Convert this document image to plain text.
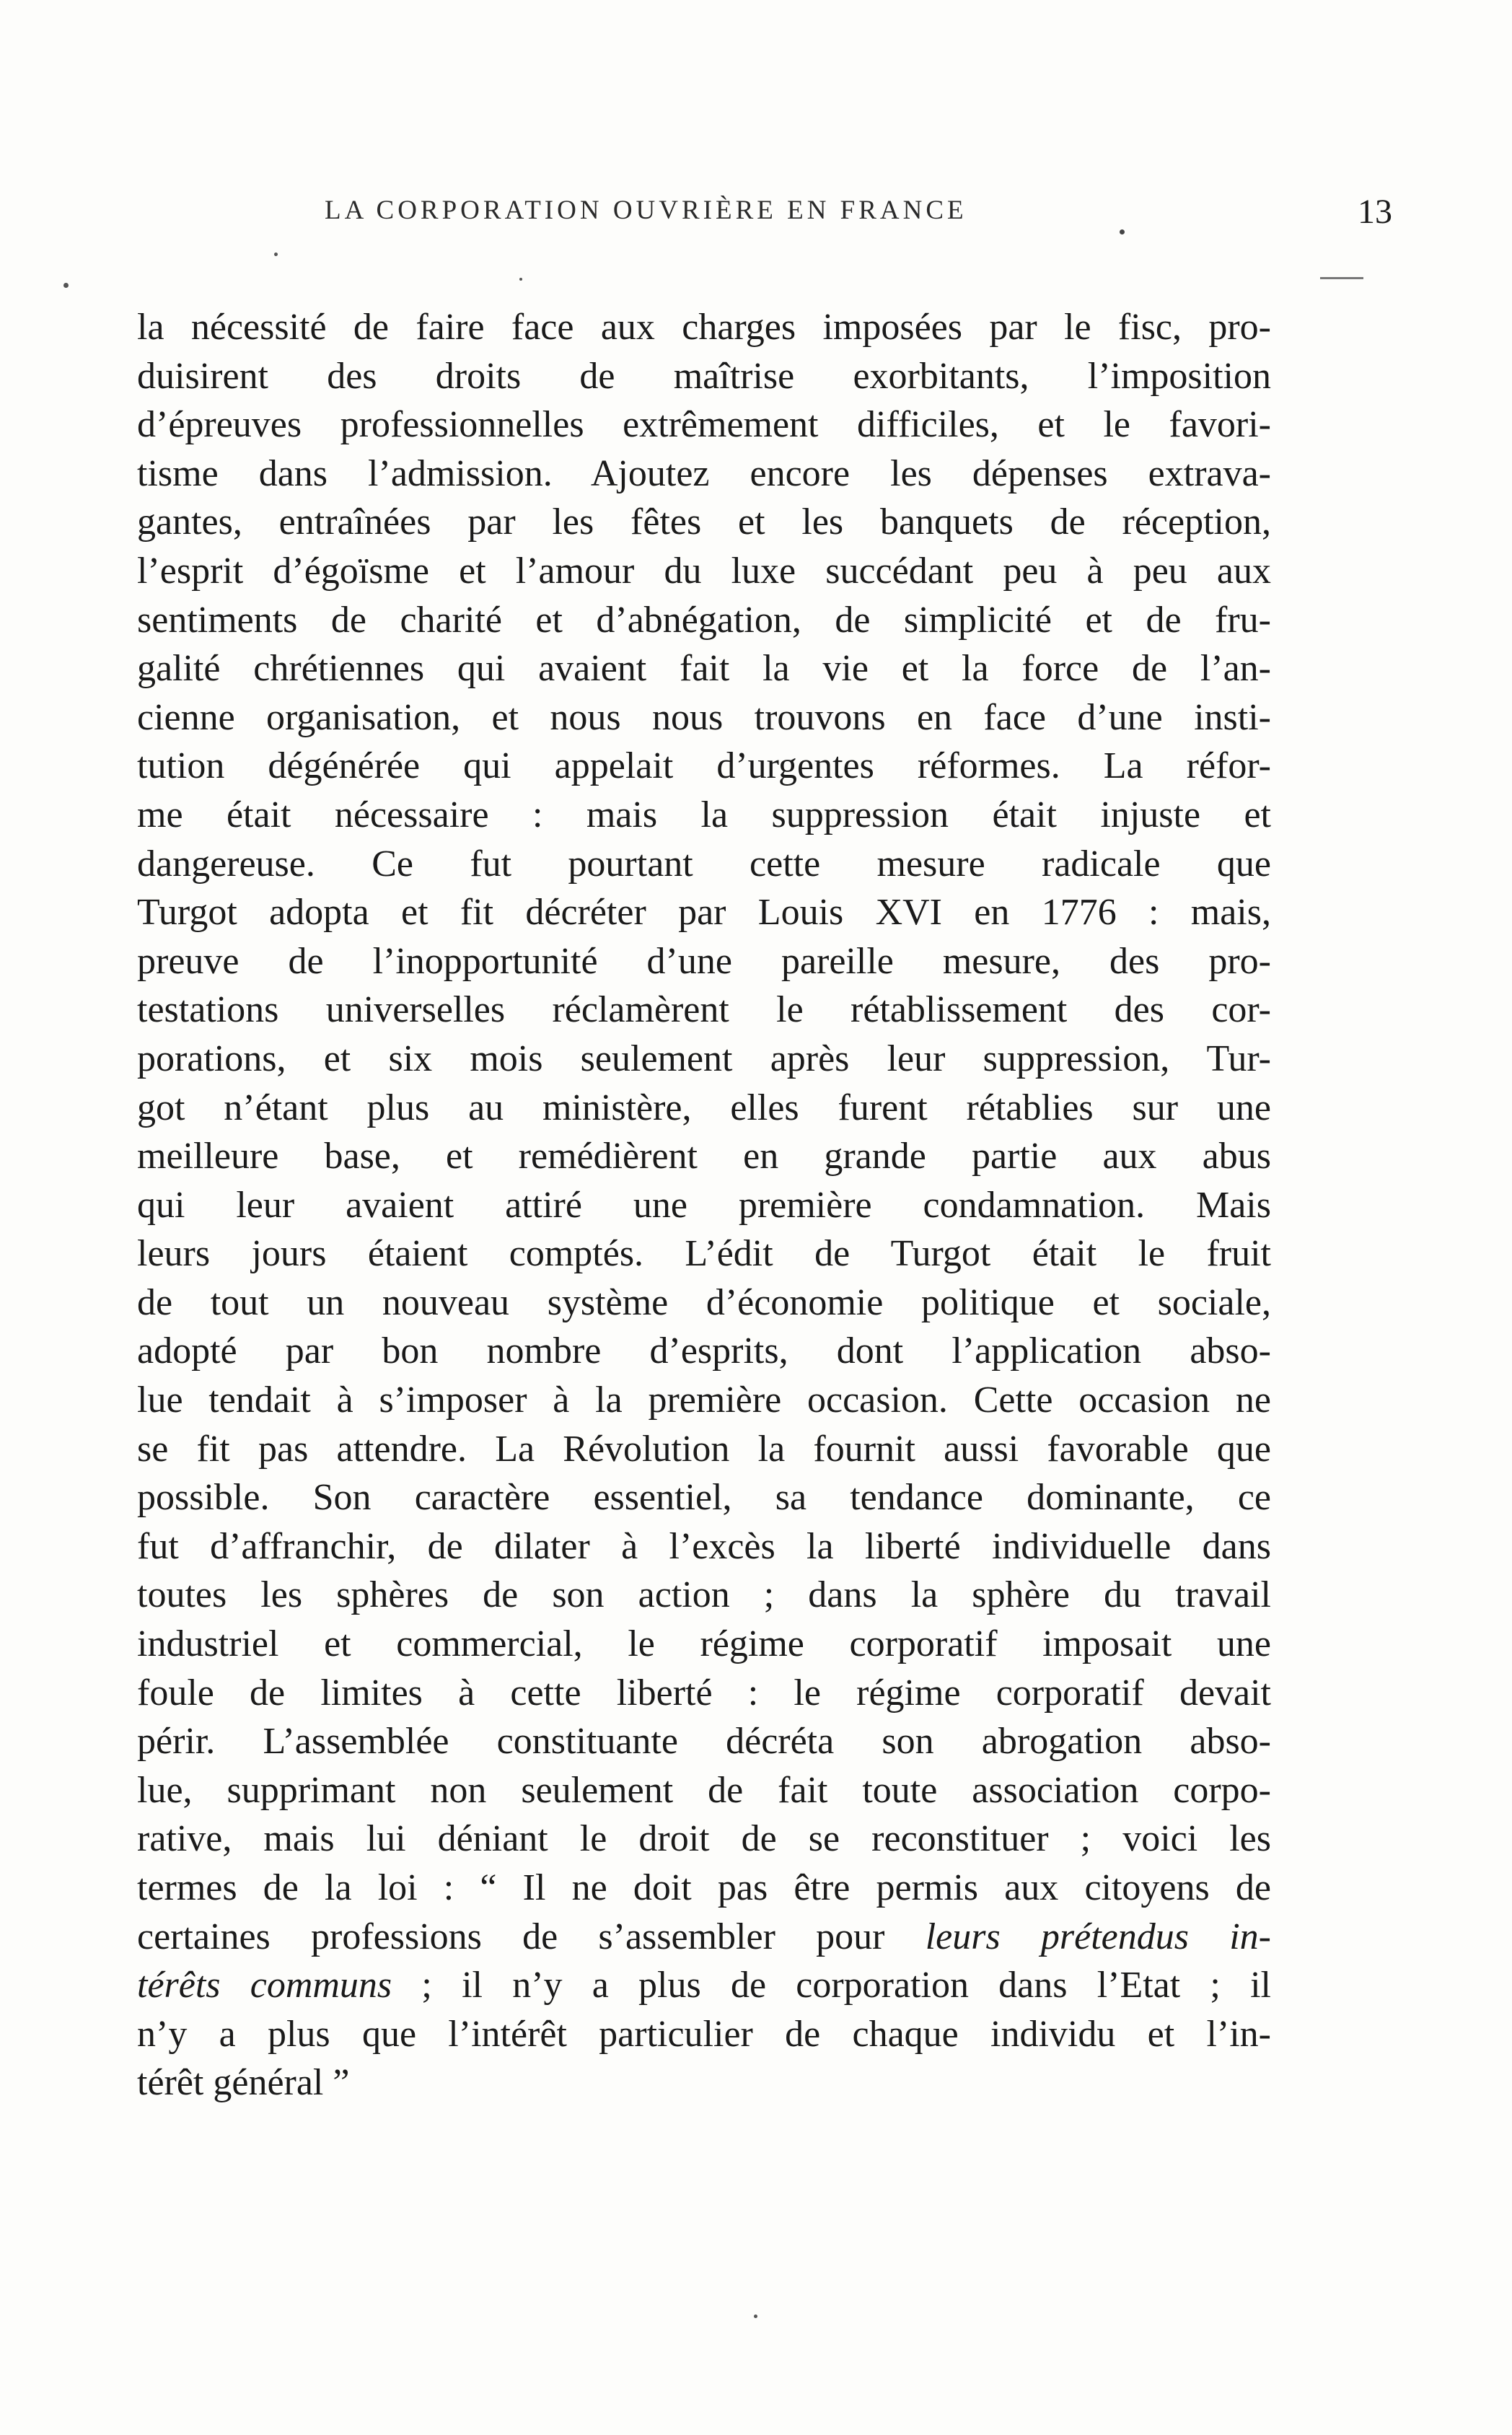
LA CORPORATION OUVRIÈRE EN FRANCE	13
la nécessité de faire face aux charges imposées par le fisc, pro-
duisirent des droits de maîtrise exorbitants, l’imposition
d’épreuves professionnelles extrêmement difficiles, et le favori-
tisme dans l’admission. Ajoutez encore les dépenses extrava-
gantes, entraînées par les fêtes et les banquets de réception,
l’esprit d’égoïsme et l’amour du luxe succédant peu à peu aux
sentiments de charité et d’abnégation, de simplicité et de fru-
galité chrétiennes qui avaient fait la vie et la force de l’an-
cienne organisation, et nous nous trouvons en face d’une insti-
tution dégénérée qui appelait d’urgentes réformes. La réfor-
me était nécessaire : mais la suppression était injuste et
dangereuse. Ce fut pourtant cette mesure radicale que
Turgot adopta et fit décréter par Louis XVI en 1776 : mais,
preuve de l’inopportunité d’une pareille mesure, des pro-
testations universelles réclamèrent le rétablissement des cor-
porations, et six mois seulement après leur suppression, Tur-
got n’étant plus au ministère, elles furent rétablies sur une
meilleure base, et remédièrent en grande partie aux abus
qui leur avaient attiré une première condamnation. Mais
leurs jours étaient comptés. L’édit de Turgot était le fruit
de tout un nouveau système d’économie politique et sociale,
adopté par bon nombre d’esprits, dont l’application abso-
lue tendait à s’imposer à la première occasion. Cette occasion ne
se fit pas attendre. La Révolution la fournit aussi favorable que
possible. Son caractère essentiel, sa tendance dominante, ce
fut d’affranchir, de dilater à l’excès la liberté individuelle dans
toutes les sphères de son action ; dans la sphère du travail
industriel et commercial, le régime corporatif imposait une
foule de limites à cette liberté : le régime corporatif devait
périr. L’assemblée constituante décréta son abrogation abso-
lue, supprimant non seulement de fait toute association corpo-
rative, mais lui déniant le droit de se reconstituer ; voici les
termes de la loi : “ Il ne doit pas être permis aux citoyens de
certaines professions de s’assembler pour leurs prétendus in-
térêts communs ; il n’y a plus de corporation dans l’Etat ; il
n’y a plus que l’intérêt particulier de chaque individu et l’in-
térêt général ”
